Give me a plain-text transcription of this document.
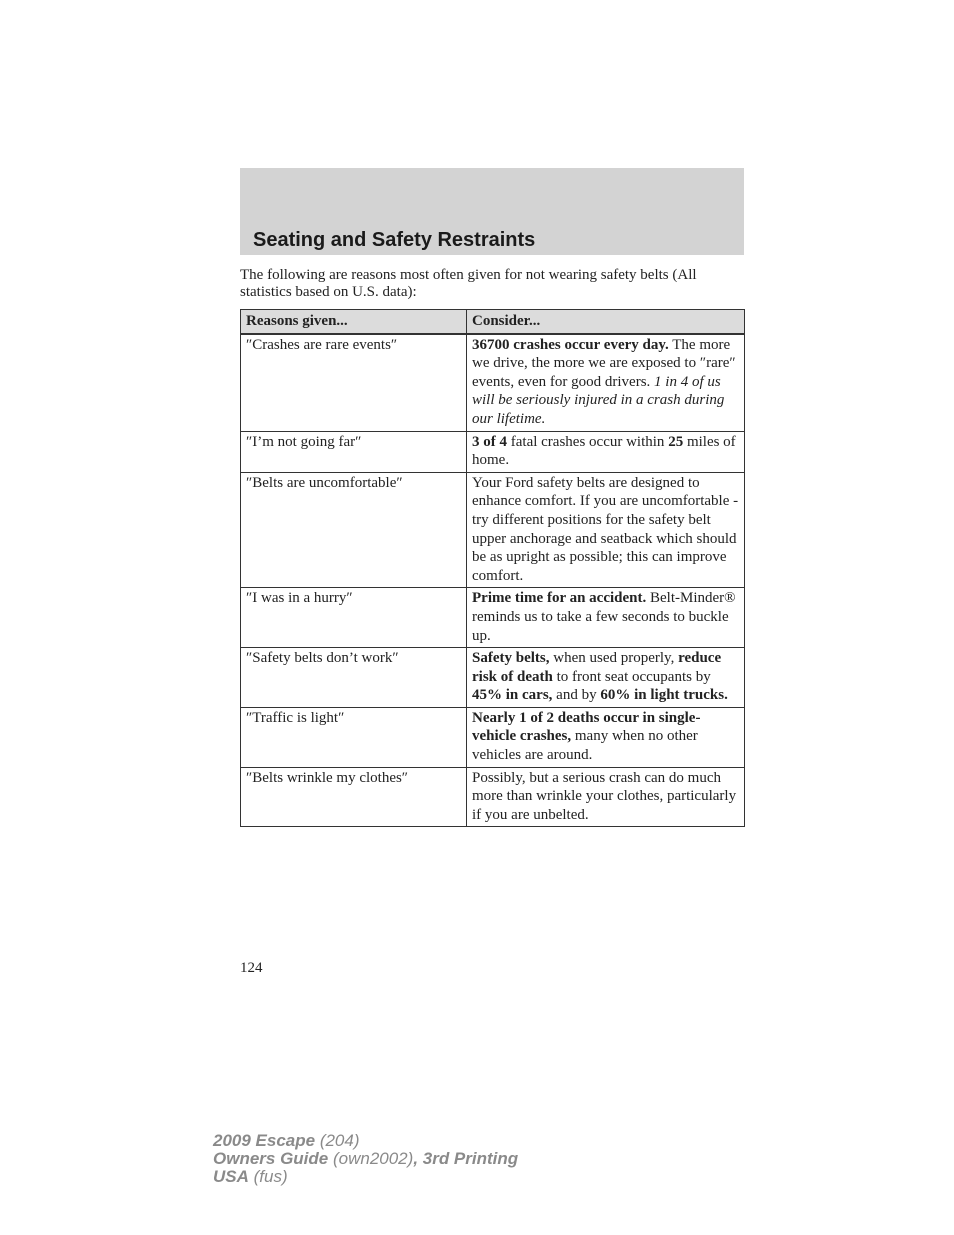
Seating and Safety Restraints

The following are reasons most often given for not wearing safety belts (All statistics based on U.S. data):

Reasons given...	Consider...
″Crashes are rare events″	36700 crashes occur every day. The more we drive, the more we are exposed to ″rare″ events, even for good drivers. 1 in 4 of us will be seriously injured in a crash during our lifetime.
″I’m not going far″	3 of 4 fatal crashes occur within 25 miles of home.
″Belts are uncomfortable″	Your Ford safety belts are designed to enhance comfort. If you are uncomfortable - try different positions for the safety belt upper anchorage and seatback which should be as upright as possible; this can improve comfort.
″I was in a hurry″	Prime time for an accident. Belt-Minder® reminds us to take a few seconds to buckle up.
″Safety belts don’t work″	Safety belts, when used properly, reduce risk of death to front seat occupants by 45% in cars, and by 60% in light trucks.
″Traffic is light″	Nearly 1 of 2 deaths occur in single-vehicle crashes, many when no other vehicles are around.
″Belts wrinkle my clothes″	Possibly, but a serious crash can do much more than wrinkle your clothes, particularly if you are unbelted.
124
2009 Escape (204)
Owners Guide (own2002), 3rd Printing
USA (fus)
